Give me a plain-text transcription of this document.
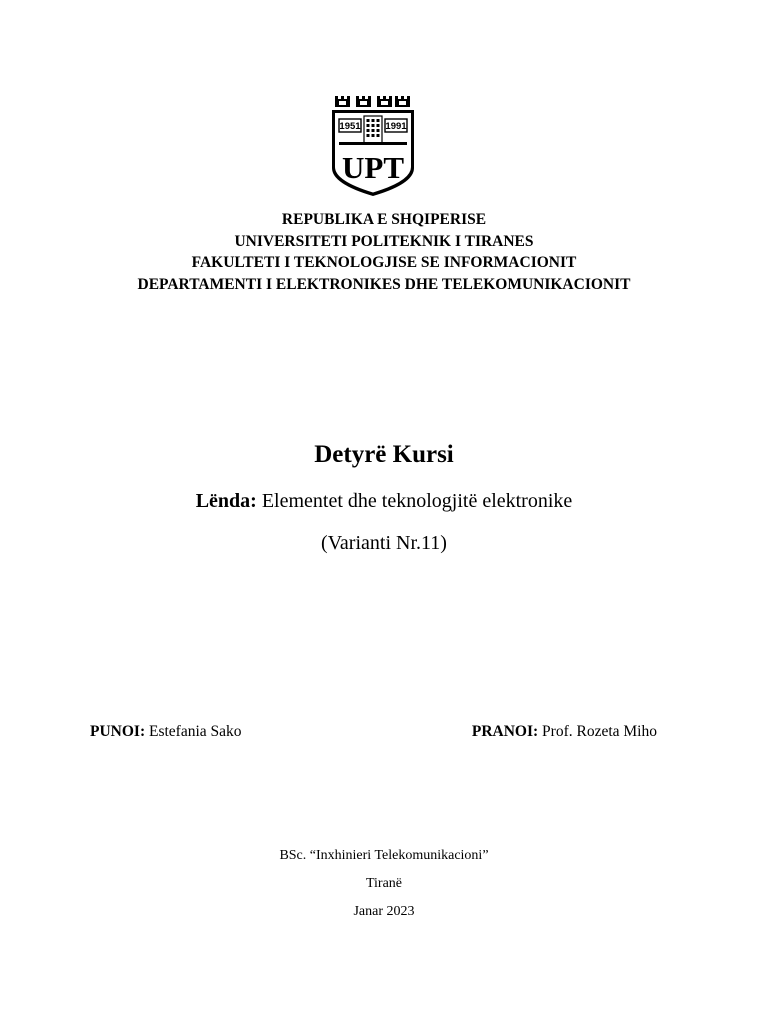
1951	1991
UPT
REPUBLIKA E SHQIPERISE
UNIVERSITETI POLITEKNIK I TIRANES
FAKULTETI I TEKNOLOGJISE SE INFORMACIONIT
DEPARTAMENTI I ELEKTRONIKES DHE TELEKOMUNIKACIONIT
Detyrë Kursi
Lënda: Elementet dhe teknologjitë elektronike
(Varianti Nr.11)
PUNOI: Estefania Sako	PRANOI: Prof. Rozeta Miho
BSc. “Inxhinieri Telekomunikacioni”
Tiranë
Janar 2023
